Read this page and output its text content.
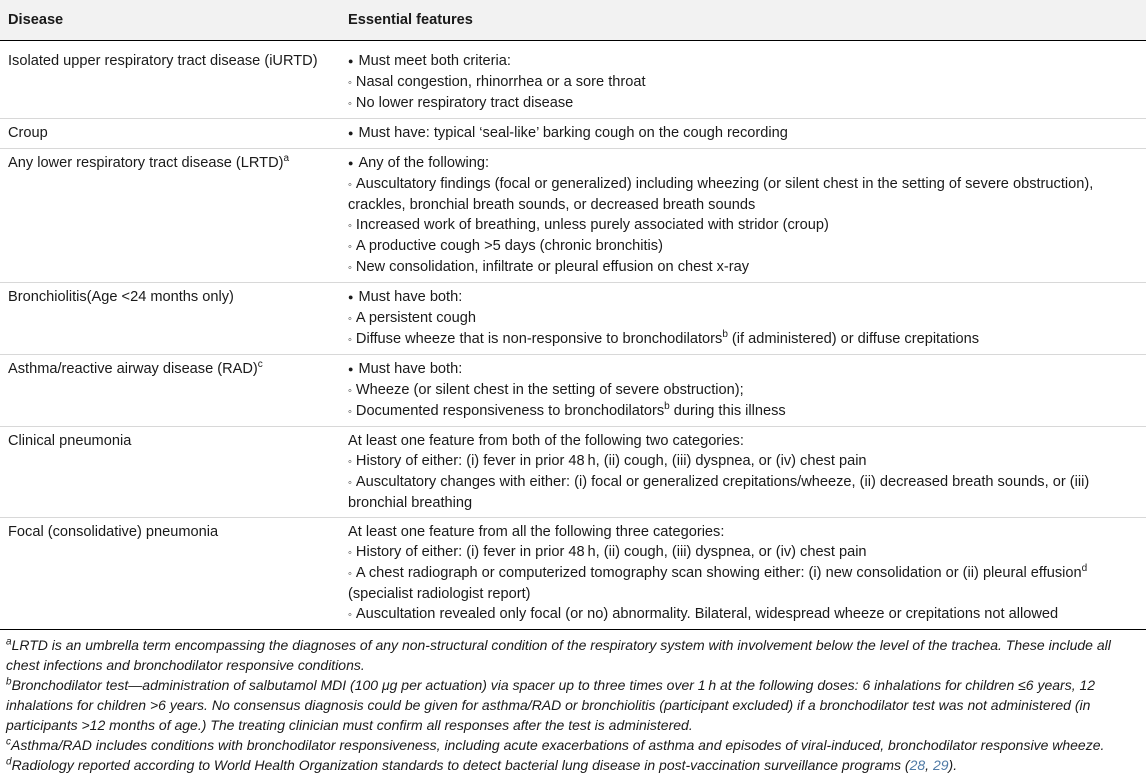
Disease	Essential features
Isolated upper respiratory tract disease (iURTD)	● Must meet both criteria:
◦ Nasal congestion, rhinorrhea or a sore throat
◦ No lower respiratory tract disease

Croup	● Must have: typical ‘seal-like’ barking cough on the cough recording

Any lower respiratory tract disease (LRTD)$^a$	● Any of the following:
◦ Auscultatory findings (focal or generalized) including wheezing (or silent chest in the setting of severe obstruction), crackles, bronchial breath sounds, or decreased breath sounds
◦ Increased work of breathing, unless purely associated with stridor (croup)
◦ A productive cough >5 days (chronic bronchitis)
◦ New consolidation, infiltrate or pleural effusion on chest x-ray

Bronchiolitis(Age <24 months only)	● Must have both:
◦ A persistent cough
◦ Diffuse wheeze that is non-responsive to bronchodilators$^b$ (if administered) or diffuse crepitations

Asthma/reactive airway disease (RAD)$^c$	● Must have both:
◦ Wheeze (or silent chest in the setting of severe obstruction);
◦ Documented responsiveness to bronchodilators$^b$ during this illness

Clinical pneumonia	At least one feature from both of the following two categories:
◦ History of either: (i) fever in prior 48 h, (ii) cough, (iii) dyspnea, or (iv) chest pain
◦ Auscultatory changes with either: (i) focal or generalized crepitations/wheeze, (ii) decreased breath sounds, or (iii) bronchial breathing

Focal (consolidative) pneumonia	At least one feature from all the following three categories:
◦ History of either: (i) fever in prior 48 h, (ii) cough, (iii) dyspnea, or (iv) chest pain
◦ A chest radiograph or computerized tomography scan showing either: (i) new consolidation or (ii) pleural effusion$^d$ (specialist radiologist report)
◦ Auscultation revealed only focal (or no) abnormality. Bilateral, widespread wheeze or crepitations not allowed

$^a$LRTD is an umbrella term encompassing the diagnoses of any non-structural condition of the respiratory system with involvement below the level of the trachea. These include all chest infections and bronchodilator responsive conditions.

$^b$Bronchodilator test—administration of salbutamol MDI (100 μg per actuation) via spacer up to three times over 1 h at the following doses: 6 inhalations for children ≤6 years, 12 inhalations for children >6 years. No consensus diagnosis could be given for asthma/RAD or bronchiolitis (participant excluded) if a bronchodilator test was not administered (in participants >12 months of age.) The treating clinician must confirm all responses after the test is administered.

$^c$Asthma/RAD includes conditions with bronchodilator responsiveness, including acute exacerbations of asthma and episodes of viral-induced, bronchodilator responsive wheeze.

$^d$Radiology reported according to World Health Organization standards to detect bacterial lung disease in post-vaccination surveillance programs (28, 29).
